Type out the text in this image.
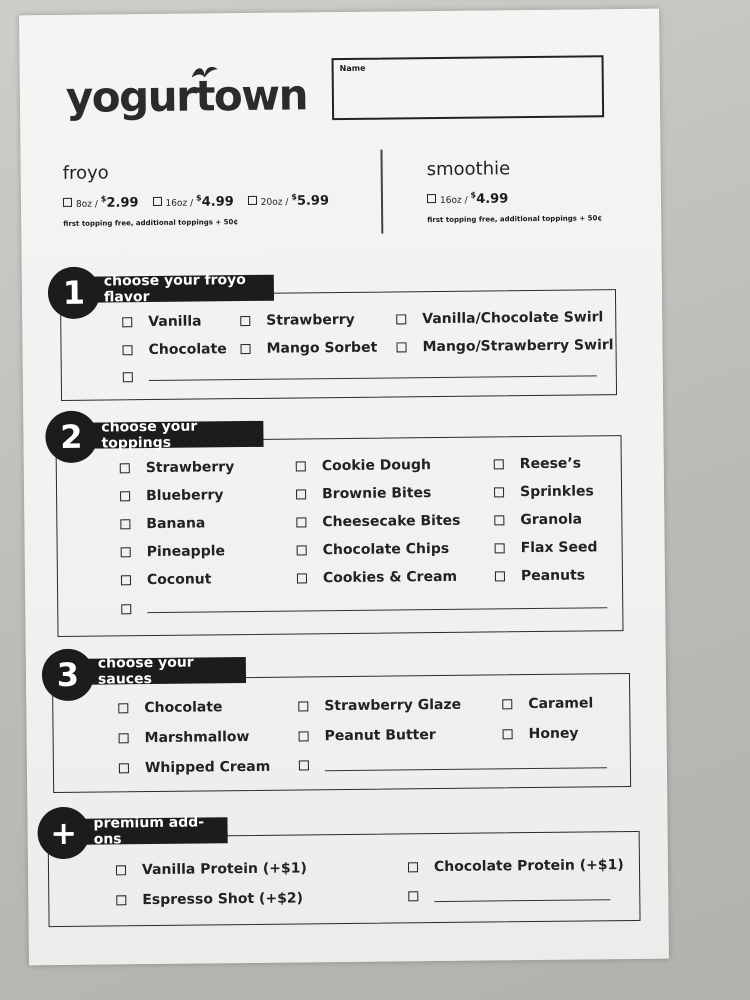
yogurtown
Name
froyo
8oz /
$2.99	16oz /
$4.99	20oz /
$5.99
first topping free, additional toppings + 50¢
smoothie
16oz /
$4.99
first topping free, additional toppings + 50¢
choose your froyo flavor
1
Vanilla	Strawberry	Vanilla/Chocolate Swirl
Chocolate	Mango Sorbet	Mango/Strawberry Swirl
choose your toppings
2
Strawberry	Cookie Dough	Reese’s
Blueberry	Brownie Bites	Sprinkles
Banana	Cheesecake Bites	Granola
Pineapple	Chocolate Chips	Flax Seed
Coconut	Cookies & Cream	Peanuts
choose your sauces
3
Chocolate	Strawberry Glaze	Caramel
Marshmallow	Peanut Butter	Honey
Whipped Cream
premium add-ons
+
Vanilla Protein (+$1)	Chocolate Protein (+$1)
Espresso Shot (+$2)
